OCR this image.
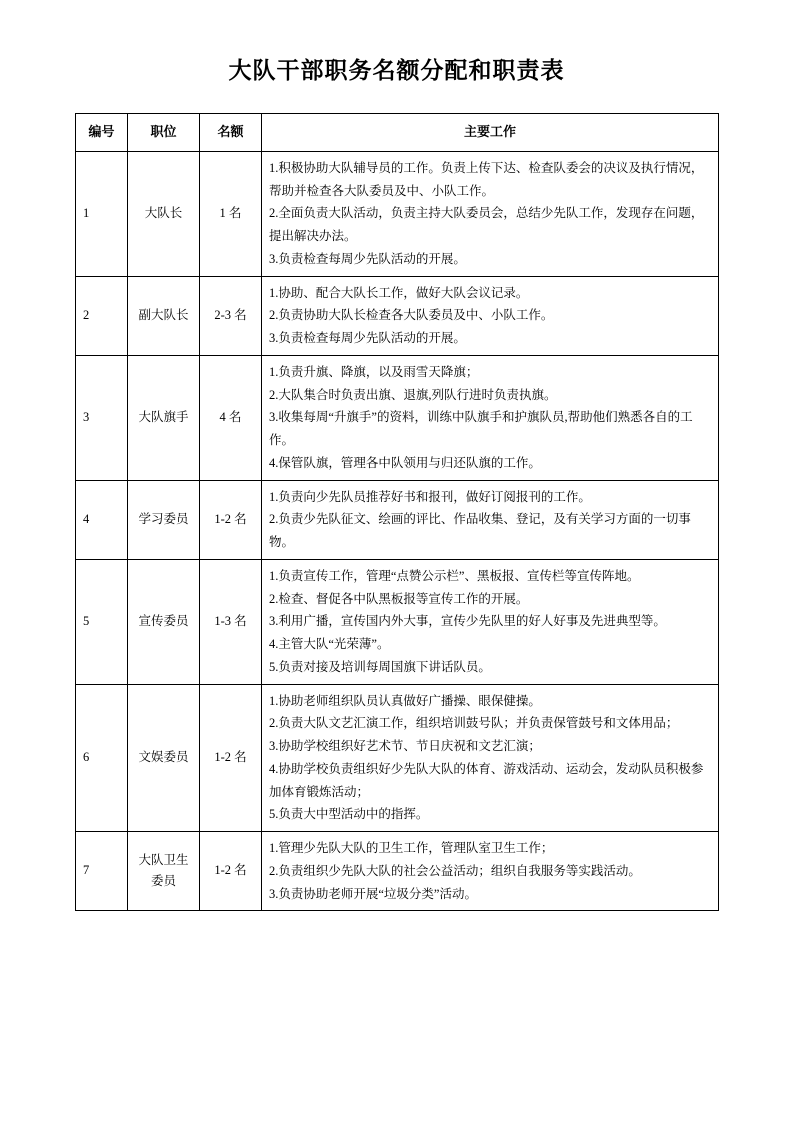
大队干部职务名额分配和职责表
编号	职位	名额	主要工作
1	大队长	1 名	1.积极协助大队辅导员的工作。负责上传下达、检查队委会的决议及执行情况，帮助并检查各大队委员及中、小队工作。
2.全面负责大队活动，负责主持大队委员会，总结少先队工作，发现存在问题，提出解决办法。
3.负责检查每周少先队活动的开展。

2	副大队长	2-3 名	1.协助、配合大队长工作，做好大队会议记录。
2.负责协助大队长检查各大队委员及中、小队工作。
3.负责检查每周少先队活动的开展。

3	大队旗手	4 名	1.负责升旗、降旗，以及雨雪天降旗；
2.大队集合时负责出旗、退旗,列队行进时负责执旗。
3.收集每周“升旗手”的资料，训练中队旗手和护旗队员,帮助他们熟悉各自的工作。
4.保管队旗，管理各中队领用与归还队旗的工作。

4	学习委员	1-2 名	1.负责向少先队员推荐好书和报刊，做好订阅报刊的工作。
2.负责少先队征文、绘画的评比、作品收集、登记，及有关学习方面的一切事物。

5	宣传委员	1-3 名	1.负责宣传工作，管理“点赞公示栏”、黑板报、宣传栏等宣传阵地。
2.检查、督促各中队黑板报等宣传工作的开展。
3.利用广播，宣传国内外大事，宣传少先队里的好人好事及先进典型等。
4.主管大队“光荣薄”。
5.负责对接及培训每周国旗下讲话队员。

6	文娱委员	1-2 名	1.协助老师组织队员认真做好广播操、眼保健操。
2.负责大队文艺汇演工作，组织培训鼓号队；并负责保管鼓号和文体用品；
3.协助学校组织好艺术节、节日庆祝和文艺汇演；
4.协助学校负责组织好少先队大队的体育、游戏活动、运动会，发动队员积极参加体育锻炼活动；
5.负责大中型活动中的指挥。

7	大队卫生委员	1-2 名	1.管理少先队大队的卫生工作，管理队室卫生工作；
2.负责组织少先队大队的社会公益活动；组织自我服务等实践活动。
3.负责协助老师开展“垃圾分类”活动。
